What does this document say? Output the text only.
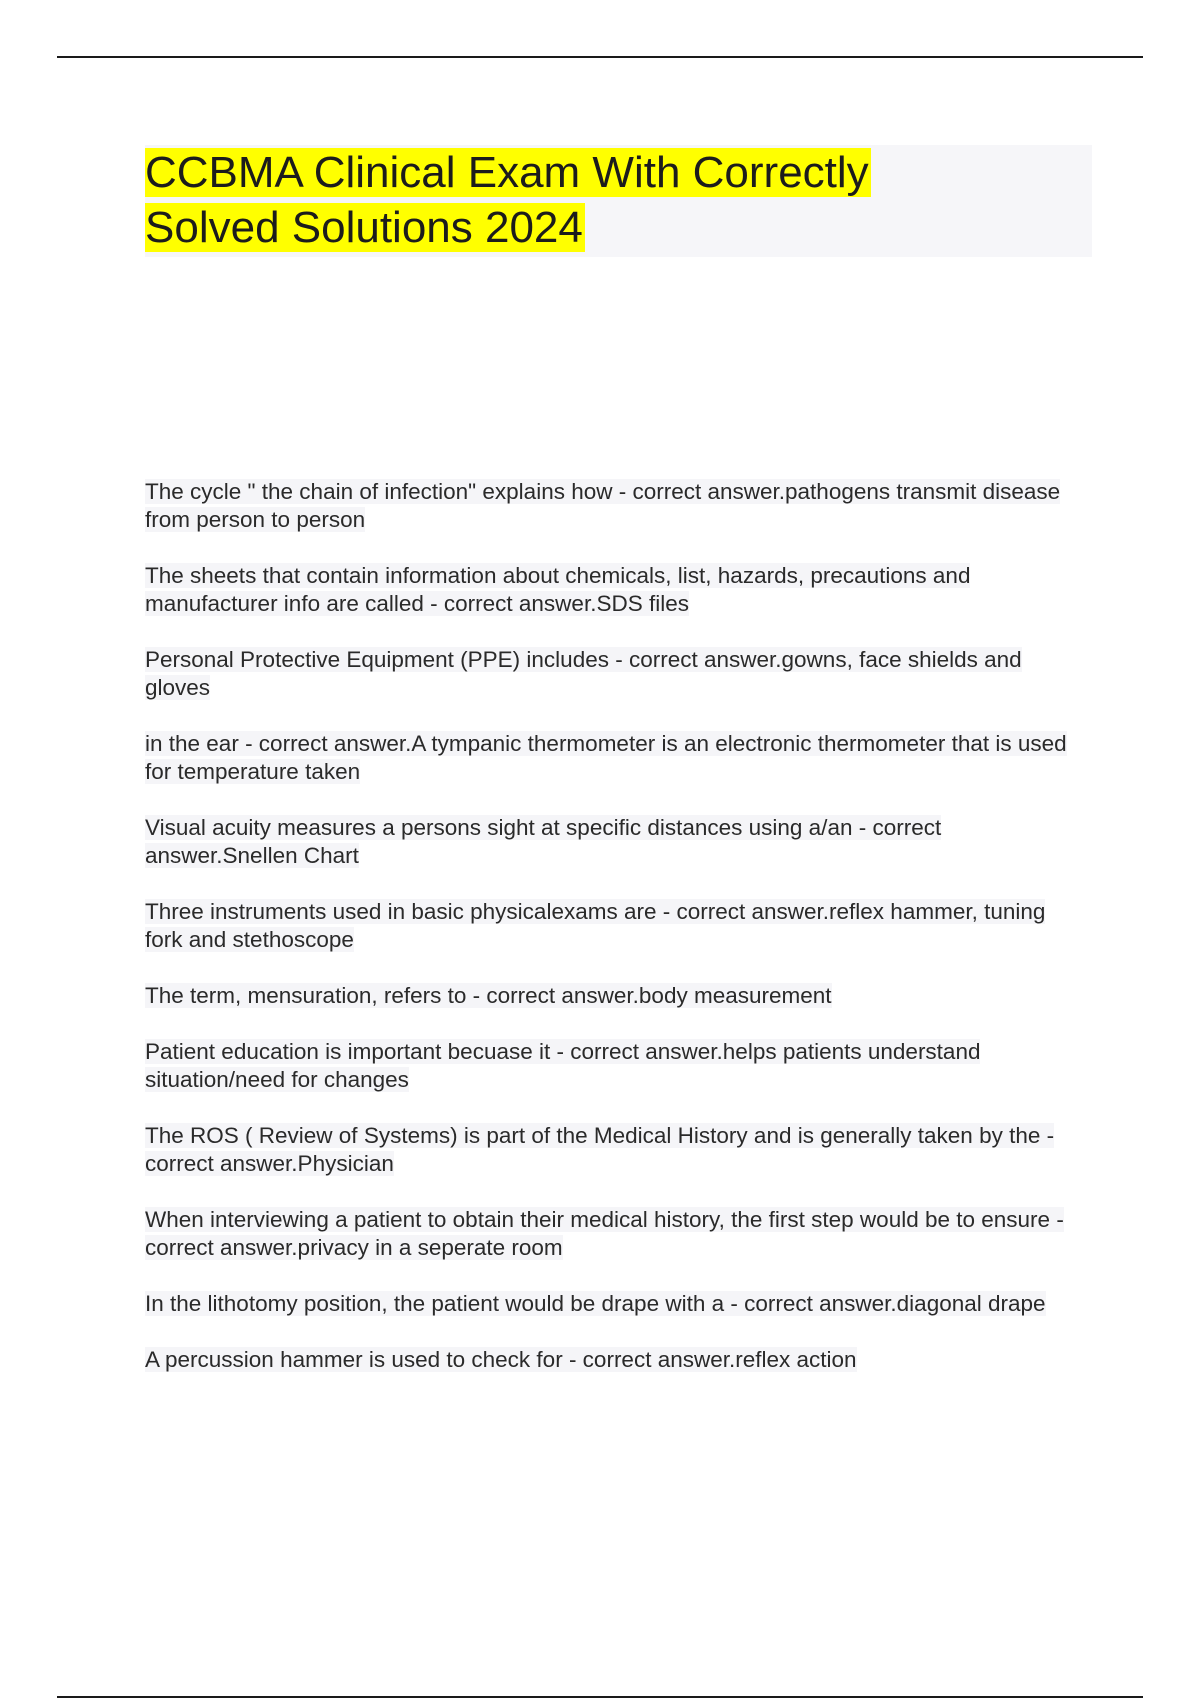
CCBMA Clinical Exam With Correctly
Solved Solutions 2024

The cycle " the chain of infection" explains how - correct answer.pathogens transmit disease from person to person

The sheets that contain information about chemicals, list, hazards, precautions and manufacturer info are called - correct answer.SDS files

Personal Protective Equipment (PPE) includes - correct answer.gowns, face shields and gloves

in the ear - correct answer.A tympanic thermometer is an electronic thermometer that is used for temperature taken

Visual acuity measures a persons sight at specific distances using a/an - correct answer.Snellen Chart

Three instruments used in basic physicalexams are - correct answer.reflex hammer, tuning fork and stethoscope

The term, mensuration, refers to - correct answer.body measurement

Patient education is important becuase it - correct answer.helps patients understand situation/need for changes

The ROS ( Review of Systems) is part of the Medical History and is generally taken by the - correct answer.Physician

When interviewing a patient to obtain their medical history, the first step would be to ensure - correct answer.privacy in a seperate room

In the lithotomy position, the patient would be drape with a - correct answer.diagonal drape

A percussion hammer is used to check for - correct answer.reflex action
